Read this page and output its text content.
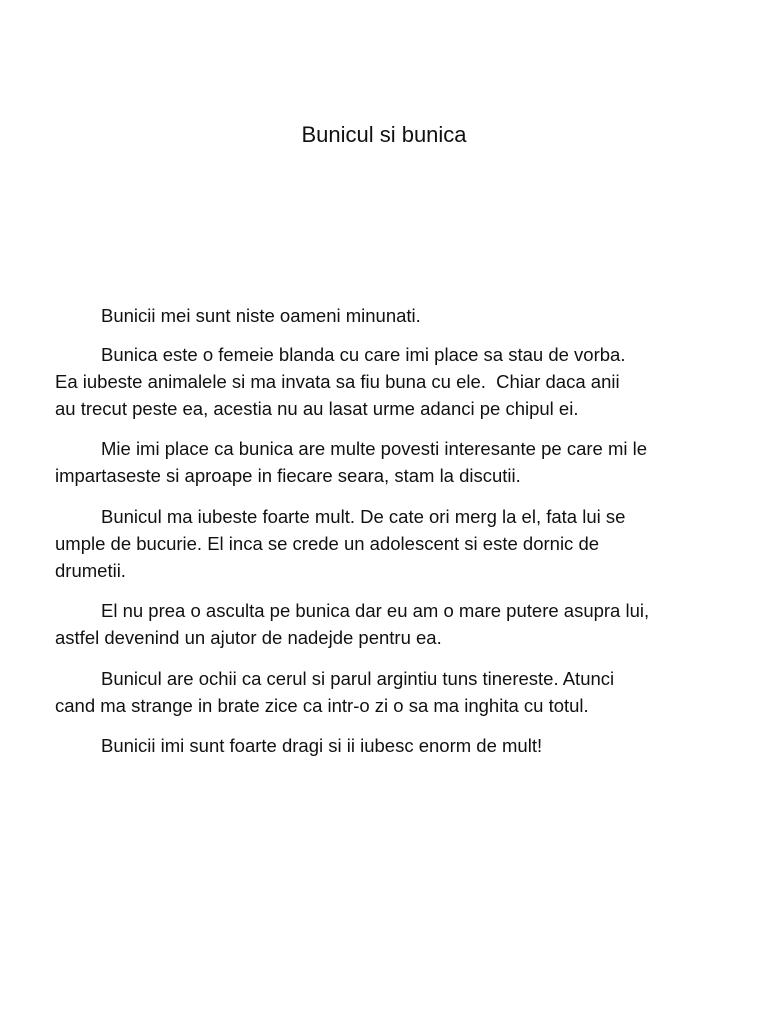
Bunicul si bunica

Bunicii mei sunt niste oameni minunati.

Bunica este o femeie blanda cu care imi place sa stau de vorba.

Ea iubeste animalele si ma invata sa fiu buna cu ele.  Chiar daca anii

au trecut peste ea, acestia nu au lasat urme adanci pe chipul ei.

Mie imi place ca bunica are multe povesti interesante pe care mi le

impartaseste si aproape in fiecare seara, stam la discutii.

Bunicul ma iubeste foarte mult. De cate ori merg la el, fata lui se

umple de bucurie. El inca se crede un adolescent si este dornic de

drumetii.

El nu prea o asculta pe bunica dar eu am o mare putere asupra lui,

astfel devenind un ajutor de nadejde pentru ea.

Bunicul are ochii ca cerul si parul argintiu tuns tinereste. Atunci

cand ma strange in brate zice ca intr-o zi o sa ma inghita cu totul.

Bunicii imi sunt foarte dragi si ii iubesc enorm de mult!
